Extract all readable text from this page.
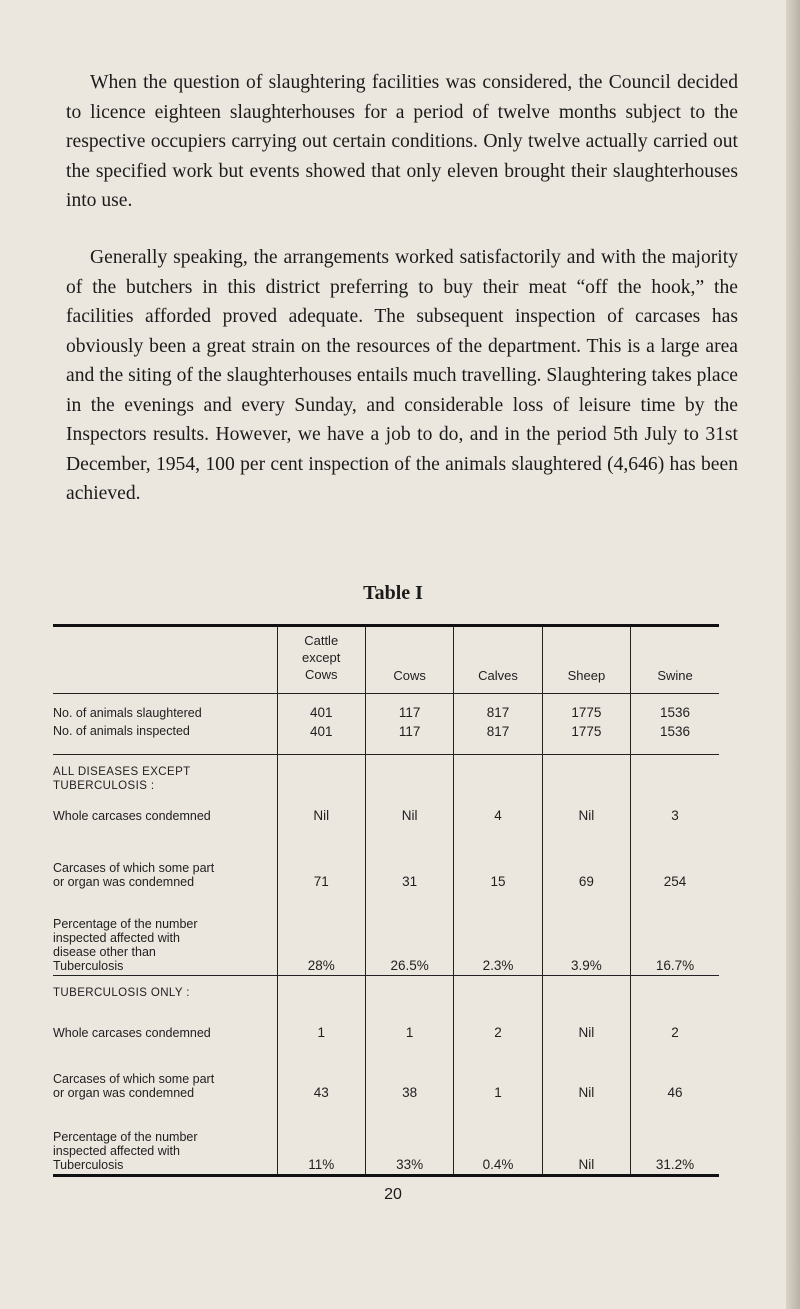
When the question of slaughtering facilities was considered, the Council decided to licence eighteen slaughterhouses for a period of twelve months subject to the respective occupiers carrying out certain conditions. Only twelve actually carried out the specified work but events showed that only eleven brought their slaughterhouses into use.

Generally speaking, the arrangements worked satisfactorily and with the majority of the butchers in this district preferring to buy their meat “off the hook,” the facilities afforded proved adequate. The subsequent inspection of carcases has obviously been a great strain on the resources of the department. This is a large area and the siting of the slaughterhouses entails much travelling. Slaughtering takes place in the evenings and every Sunday, and considerable loss of leisure time by the Inspectors results. However, we have a job to do, and in the period 5th July to 31st December, 1954, 100 per cent inspection of the animals slaughtered (4,646) has been achieved.

Table I
	Cattle except Cows	Cows	Calves	Sheep	Swine
No. of animals slaughtered	401	117	817	1775	1536
No. of animals inspected	401	117	817	1775	1536
ALL DISEASES EXCEPT TUBERCULOSIS :					
Whole carcases condemned	Nil	Nil	4	Nil	3
Carcases of which some part or organ was condemned	71	31	15	69	254
Percentage of the number inspected affected with disease other than Tuberculosis	28%	26.5%	2.3%	3.9%	16.7%
TUBERCULOSIS ONLY :					
Whole carcases condemned	1	1	2	Nil	2
Carcases of which some part or organ was condemned	43	38	1	Nil	46
Percentage of the number inspected affected with Tuberculosis	11%	33%	0.4%	Nil	31.2%
20
